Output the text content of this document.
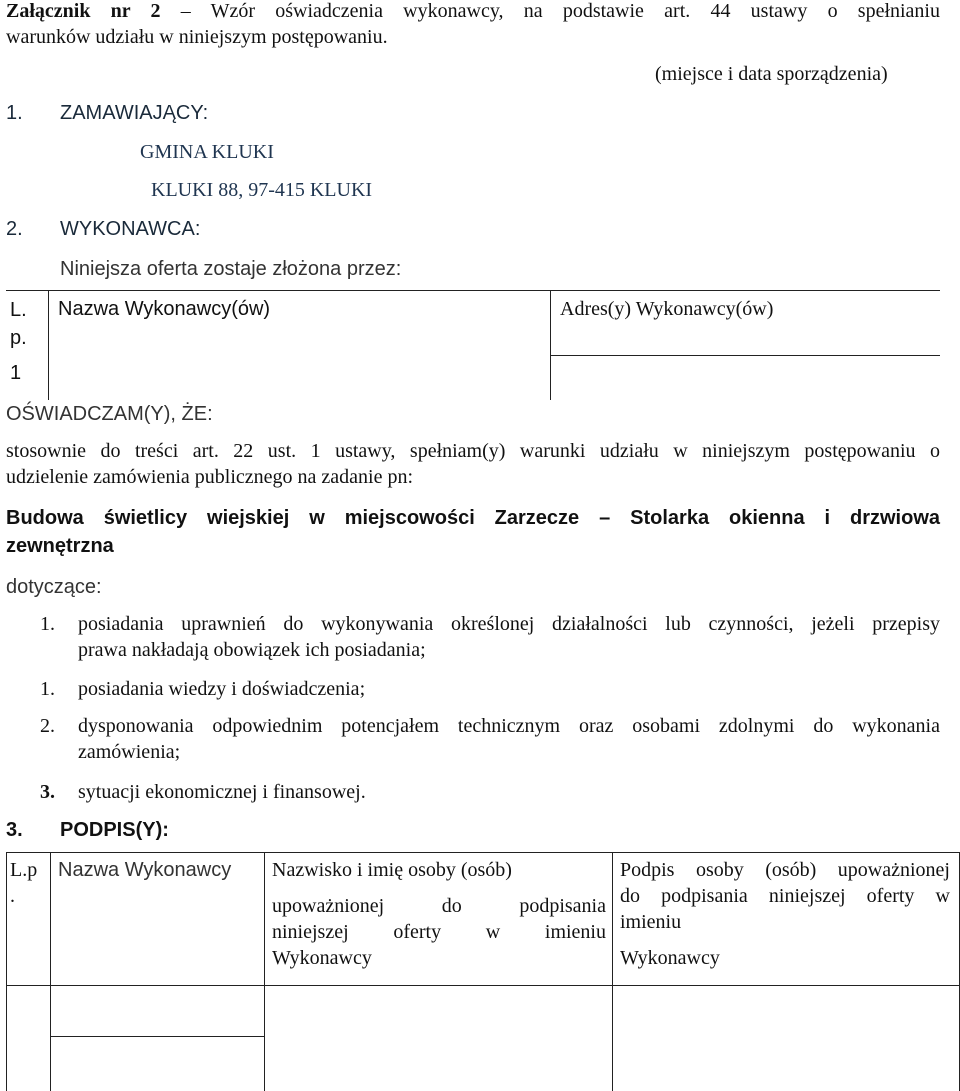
Załącznik nr 2 – Wzór oświadczenia wykonawcy, na podstawie art. 44 ustawy o spełnianiu
warunków udziału w niniejszym postępowaniu.
(miejsce i data sporządzenia)
1. ZAMAWIAJĄCY:
GMINA KLUKI
KLUKI 88, 97-415 KLUKI
2. WYKONAWCA:
Niniejsza oferta zostaje złożona przez:
L.
p.
Nazwa Wykonawcy(ów)	Adres(y) Wykonawcy(ów)
1
OŚWIADCZAM(Y), ŻE:
stosownie do treści art. 22 ust. 1 ustawy, spełniam(y) warunki udziału w niniejszym postępowaniu o
udzielenie zamówienia publicznego na zadanie pn:
Budowa świetlicy wiejskiej w miejscowości Zarzecze – Stolarka okienna i drzwiowa
zewnętrzna
dotyczące:
1. posiadania uprawnień do wykonywania określonej działalności lub czynności, jeżeli przepisy
prawa nakładają obowiązek ich posiadania;
1. posiadania wiedzy i doświadczenia;
2. dysponowania odpowiednim potencjałem technicznym oraz osobami zdolnymi do wykonania
zamówienia;
3. sytuacji ekonomicznej i finansowej.
3. PODPIS(Y):
L.p
.
Nazwa Wykonawcy Nazwisko i imię osoby (osób)
upoważnionej do podpisania
niniejszej oferty w imieniu
Wykonawcy
Podpis osoby (osób) upoważnionej
do podpisania niniejszej oferty w
imieniu
Wykonawcy
